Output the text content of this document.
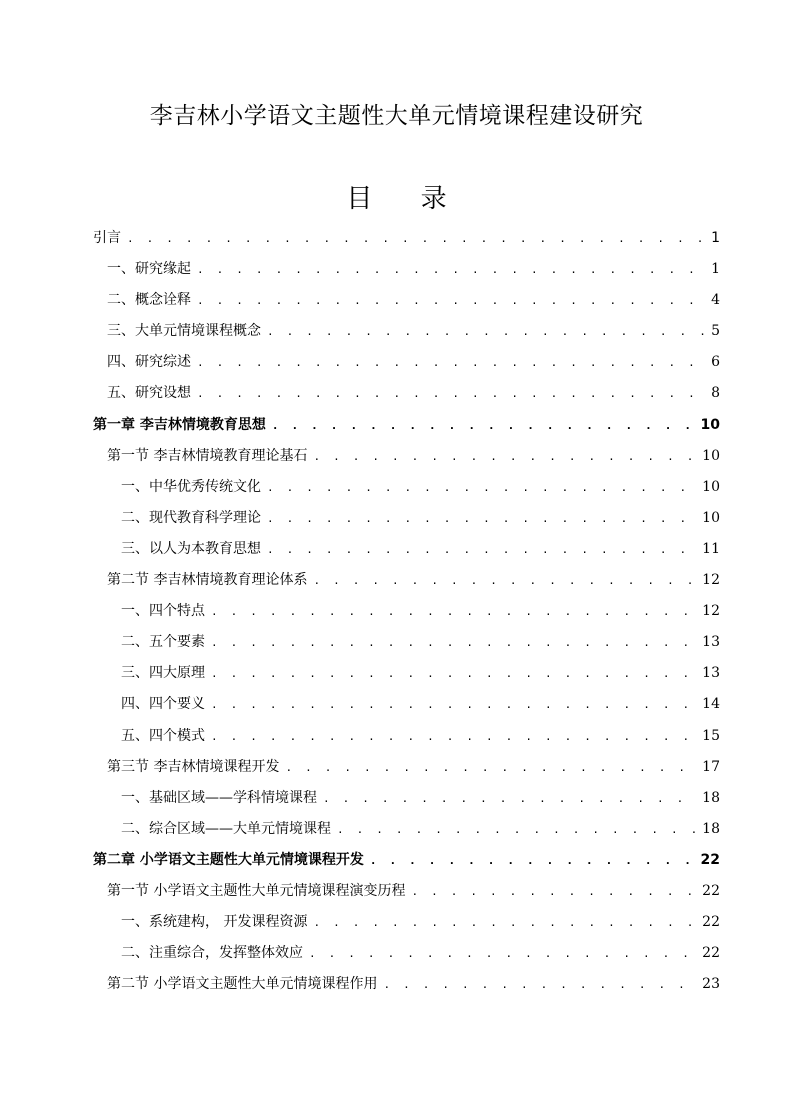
李吉林小学语文主题性大单元情境课程建设研究
目 录
引言 . . .	1
一、研究缘起 . . .	1
二、概念诠释 . . .	4
三、大单元情境课程概念 . . .	5
四、研究综述 . . .	6
五、研究设想 . . .	8
第一章 李吉林情境教育思想 . . .	10
第一节 李吉林情境教育理论基石 . . .	10
一、中华优秀传统文化 . . .	10
二、现代教育科学理论 . . .	10
三、以人为本教育思想 . . .	11
第二节 李吉林情境教育理论体系 . . .	12
一、四个特点 . . .	12
二、五个要素 . . .	13
三、四大原理 . . .	13
四、四个要义 . . .	14
五、四个模式 . . .	15
第三节 李吉林情境课程开发 . . .	17
一、基础区域——学科情境课程 . . .	18
二、综合区域——大单元情境课程 . . .	18
第二章 小学语文主题性大单元情境课程开发 . . .	22
第一节 小学语文主题性大单元情境课程演变历程 . . .	22
一、系统建构， 开发课程资源 . . .	22
二、注重综合，发挥整体效应 . . .	22
第二节 小学语文主题性大单元情境课程作用 . . .	23
